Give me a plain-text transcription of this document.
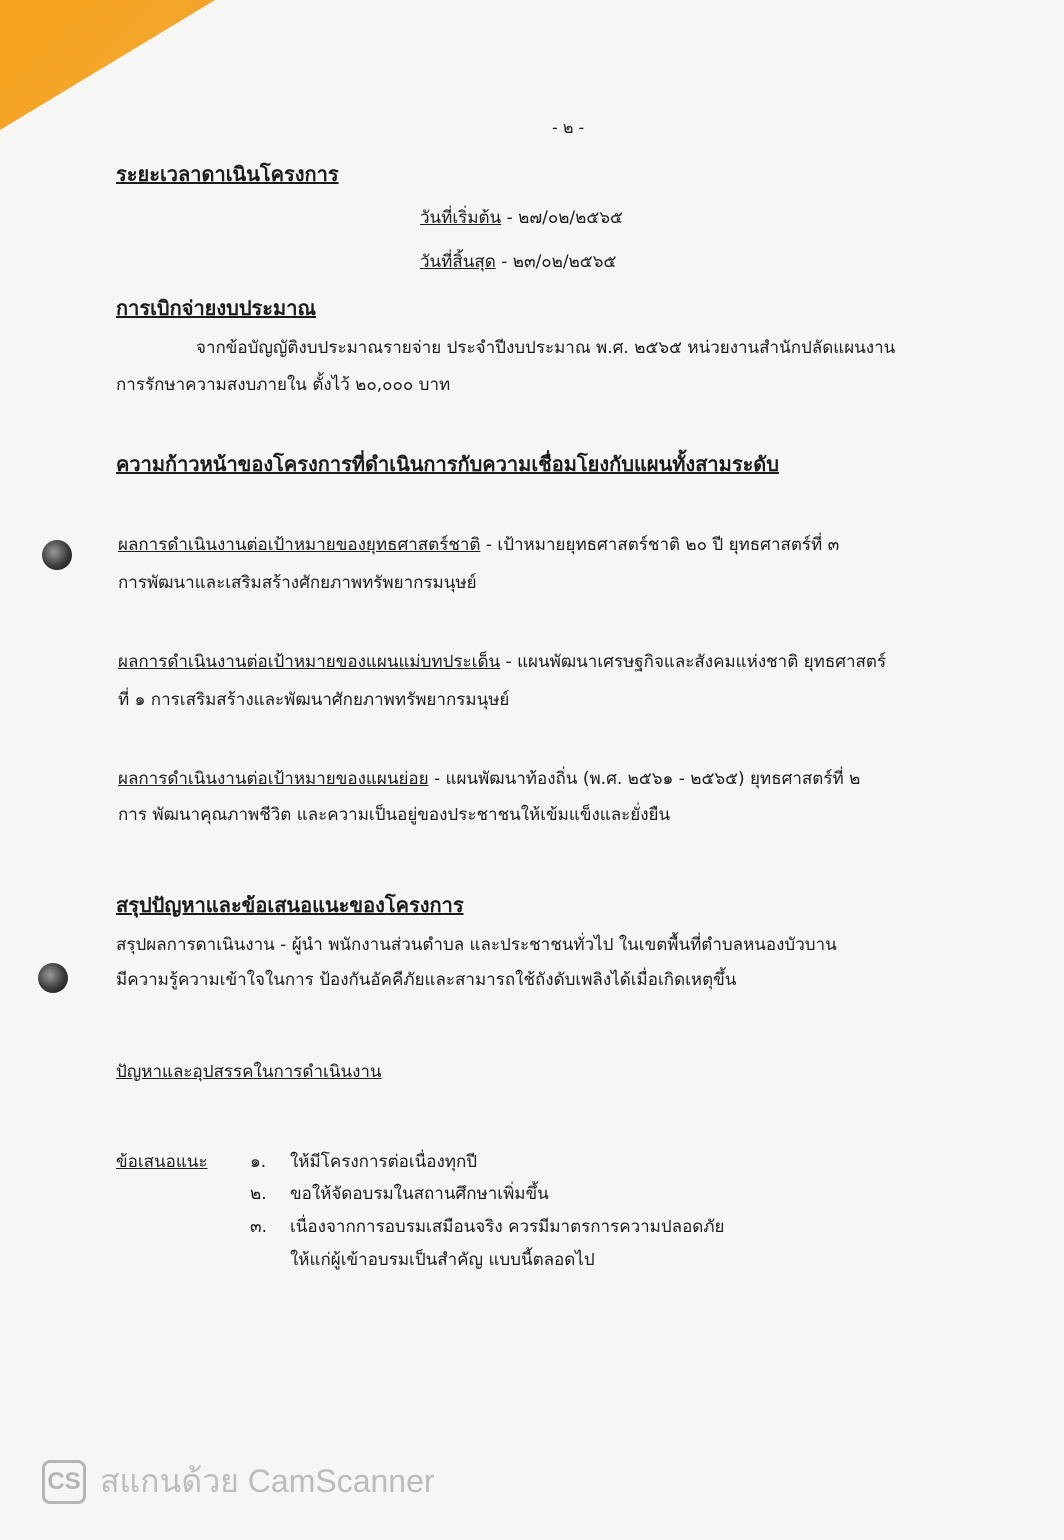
- ๒ -
ระยะเวลาดาเนินโครงการ
วันที่เริ่มต้น - ๒๗/๐๒/๒๕๖๕
วันที่สิ้นสุด - ๒๓/๐๒/๒๕๖๕
การเบิกจ่ายงบประมาณ
จากข้อบัญญัติงบประมาณรายจ่าย ประจำปีงบประมาณ พ.ศ. ๒๕๖๕ หน่วยงานสำนักปลัดแผนงาน
การรักษาความสงบภายใน ตั้งไว้ ๒๐,๐๐๐ บาท
ความก้าวหน้าของโครงการที่ดำเนินการกับความเชื่อมโยงกับแผนทั้งสามระดับ
ผลการดำเนินงานต่อเป้าหมายของยุทธศาสตร์ชาติ - เป้าหมายยุทธศาสตร์ชาติ ๒๐ ปี ยุทธศาสตร์ที่ ๓
การพัฒนาและเสริมสร้างศักยภาพทรัพยากรมนุษย์
ผลการดำเนินงานต่อเป้าหมายของแผนแม่บทประเด็น - แผนพัฒนาเศรษฐกิจและสังคมแห่งชาติ ยุทธศาสตร์
ที่ ๑ การเสริมสร้างและพัฒนาศักยภาพทรัพยากรมนุษย์
ผลการดำเนินงานต่อเป้าหมายของแผนย่อย - แผนพัฒนาท้องถิ่น (พ.ศ. ๒๕๖๑ - ๒๕๖๕) ยุทธศาสตร์ที่ ๒
การ พัฒนาคุณภาพชีวิต และความเป็นอยู่ของประชาชนให้เข้มแข็งและยั่งยืน
สรุปปัญหาและข้อเสนอแนะของโครงการ
สรุปผลการดาเนินงาน - ผู้นำ พนักงานส่วนตำบล และประชาชนทั่วไป ในเขตพื้นที่ตำบลหนองบัวบาน
มีความรู้ความเข้าใจในการ ป้องกันอัคคีภัยและสามารถใช้ถังดับเพลิงได้เมื่อเกิดเหตุขึ้น
ปัญหาและอุปสรรคในการดำเนินงาน
ข้อเสนอแนะ ๑. ให้มีโครงการต่อเนื่องทุกปี
๒. ขอให้จัดอบรมในสถานศึกษาเพิ่มขึ้น
๓. เนื่องจากการอบรมเสมือนจริง ควรมีมาตรการความปลอดภัย
ให้แก่ผู้เข้าอบรมเป็นสำคัญ แบบนี้ตลอดไป
CS สแกนด้วย CamScanner
